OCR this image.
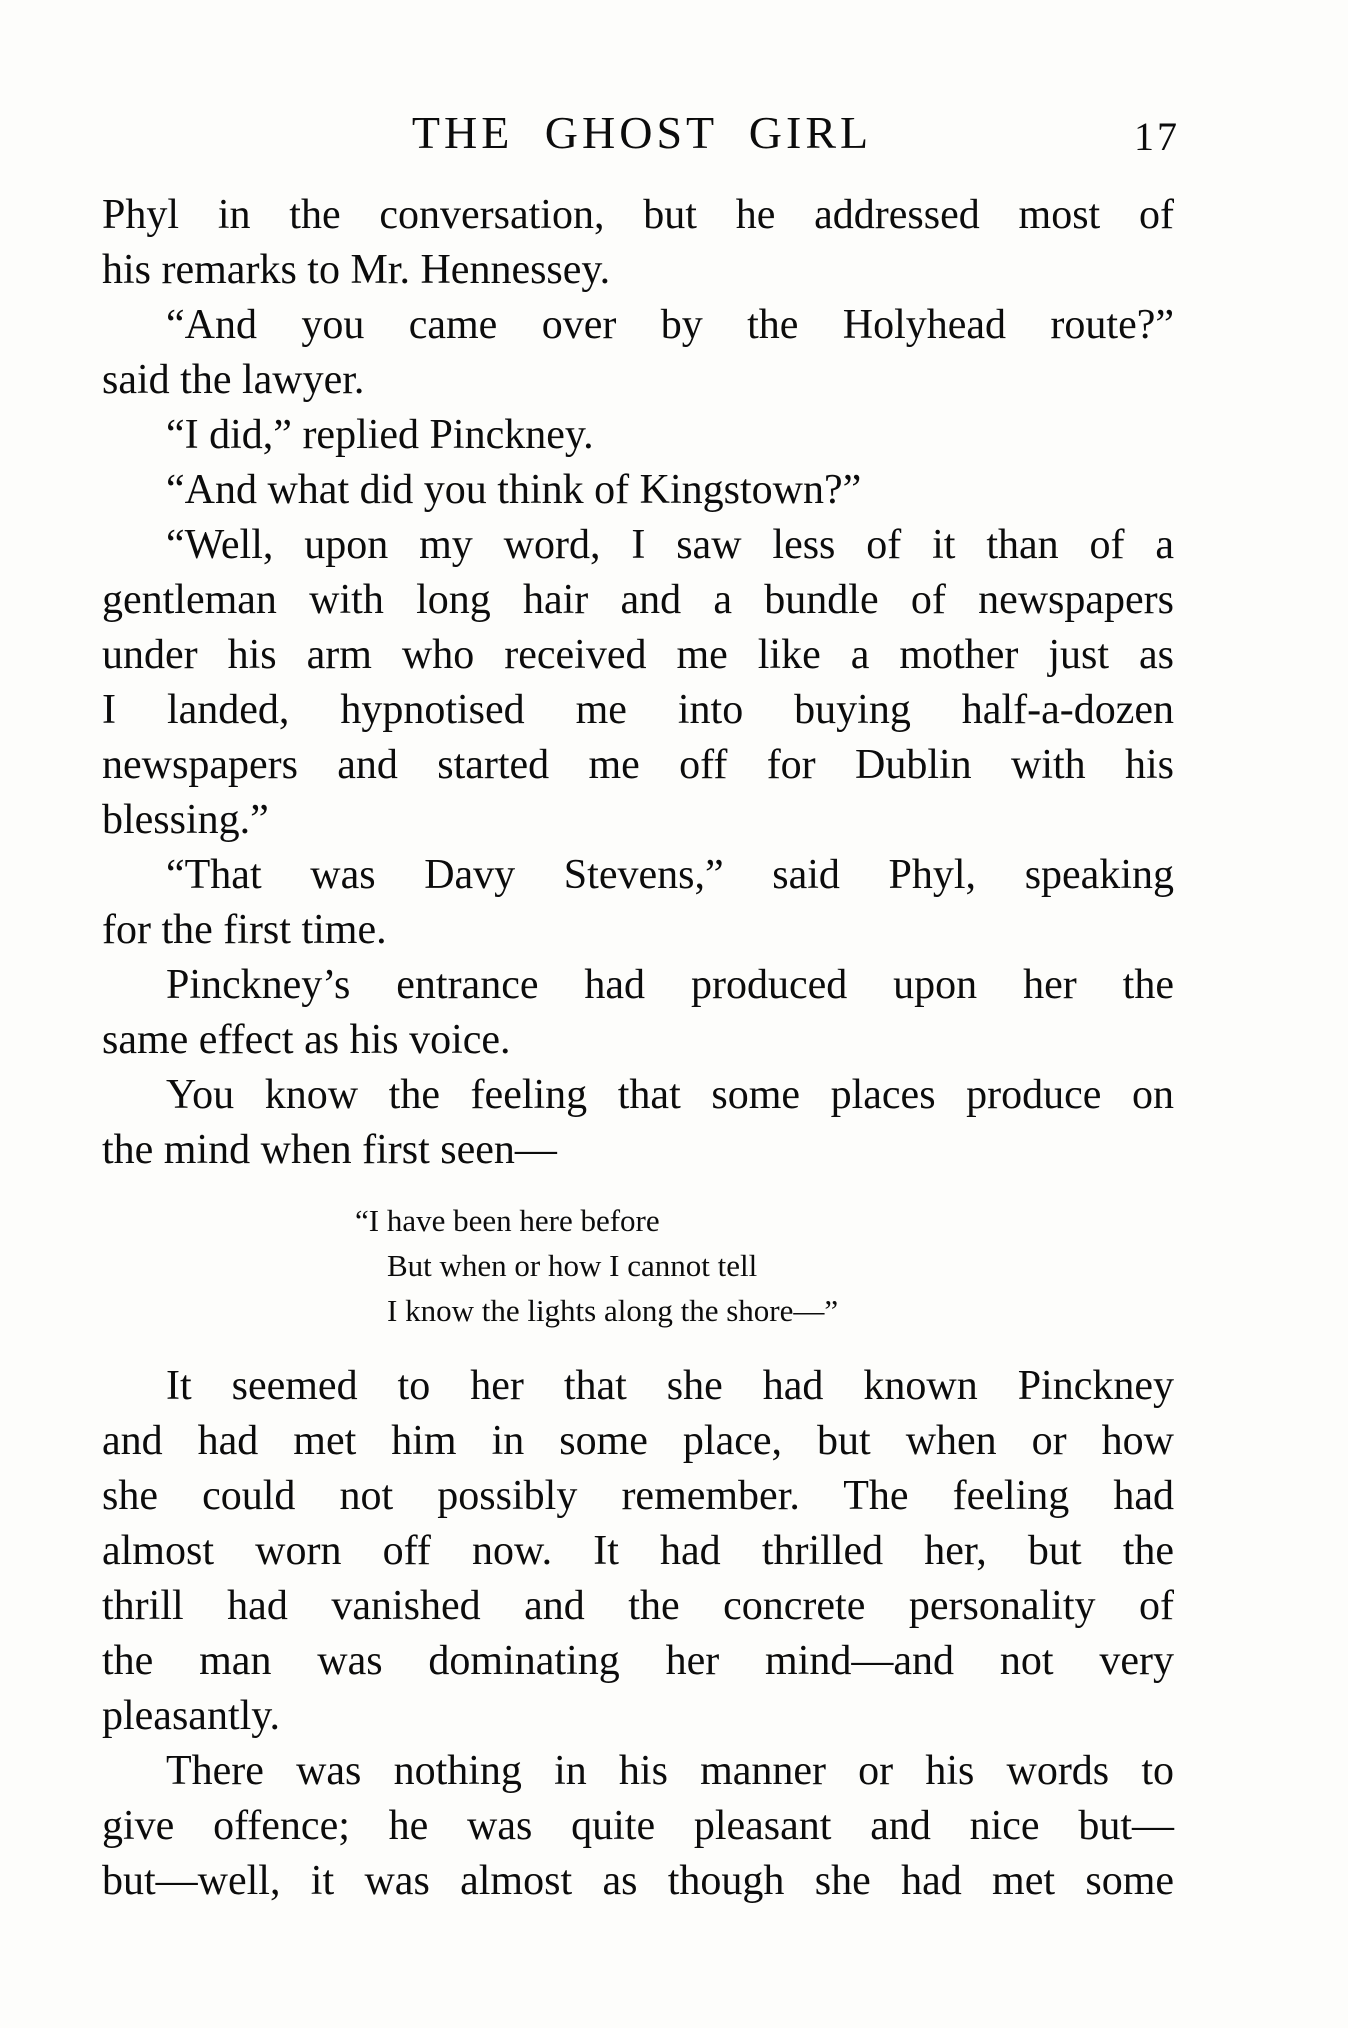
THE GHOST GIRL	17
Phyl in the conversation, but he addressed most of
his remarks to Mr. Hennessey.
“And you came over by the Holyhead route?”
said the lawyer.
“I did,” replied Pinckney.
“And what did you think of Kingstown?”
“Well, upon my word, I saw less of it than of a
gentleman with long hair and a bundle of newspapers
under his arm who received me like a mother just as
I landed, hypnotised me into buying half-a-dozen
newspapers and started me off for Dublin with his
blessing.”
“That was Davy Stevens,” said Phyl, speaking
for the first time.
Pinckney’s entrance had produced upon her the
same effect as his voice.
You know the feeling that some places produce on
the mind when first seen—
“I have been here before
But when or how I cannot tell
I know the lights along the shore—”
It seemed to her that she had known Pinckney
and had met him in some place, but when or how
she could not possibly remember. The feeling had
almost worn off now. It had thrilled her, but the
thrill had vanished and the concrete personality of
the man was dominating her mind—and not very
pleasantly.
There was nothing in his manner or his words to
give offence; he was quite pleasant and nice but—
but—well, it was almost as though she had met some
